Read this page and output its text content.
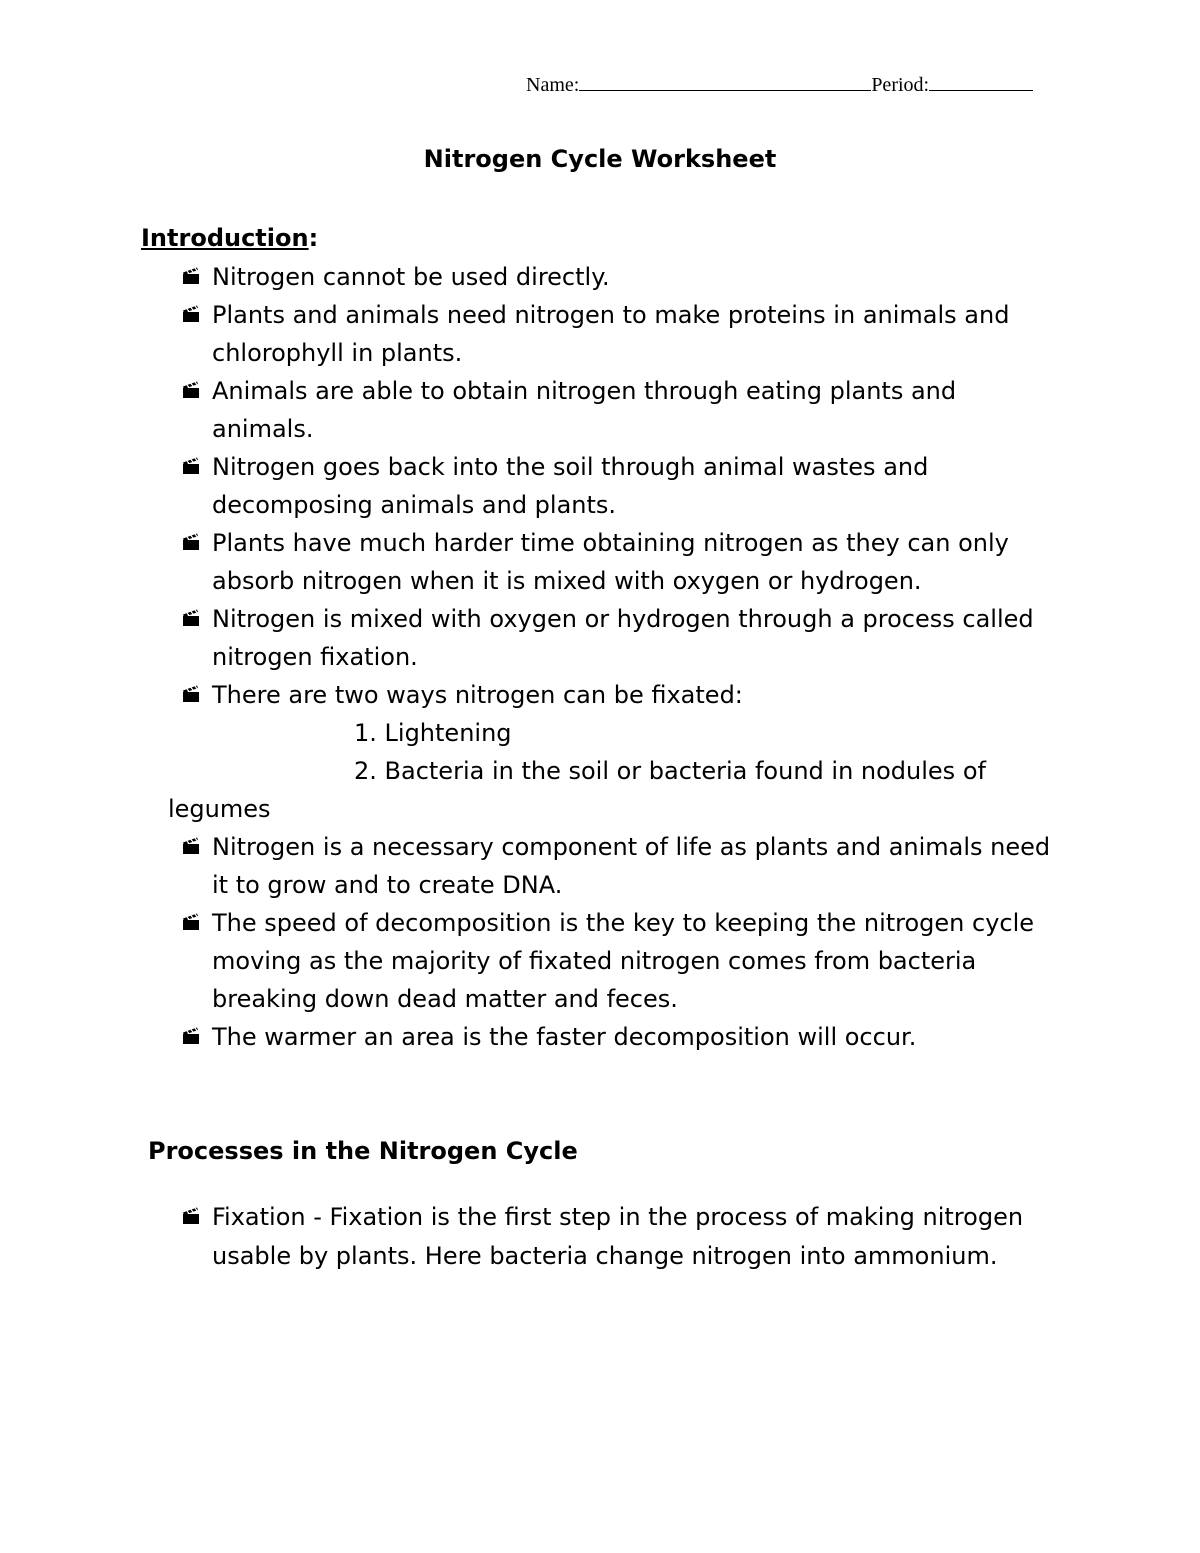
Name:	Period:
Nitrogen Cycle Worksheet
Introduction:
Nitrogen cannot be used directly.
Plants and animals need nitrogen to make proteins in animals and chlorophyll in plants.
Animals are able to obtain nitrogen through eating plants and animals.
Nitrogen goes back into the soil through animal wastes and decomposing animals and plants.
Plants have much harder time obtaining nitrogen as they can only absorb nitrogen when it is mixed with oxygen or hydrogen.
Nitrogen is mixed with oxygen or hydrogen through a process called nitrogen fixation.
There are two ways nitrogen can be fixated:
1. Lightening
2. Bacteria in the soil or bacteria found in nodules of
legumes
Nitrogen is a necessary component of life as plants and animals need it to grow and to create DNA.
The speed of decomposition is the key to keeping the nitrogen cycle moving as the majority of fixated nitrogen comes from bacteria breaking down dead matter and feces.
The warmer an area is the faster decomposition will occur.
Processes in the Nitrogen Cycle
Fixation - Fixation is the first step in the process of making nitrogen usable by plants. Here bacteria change nitrogen into ammonium.
